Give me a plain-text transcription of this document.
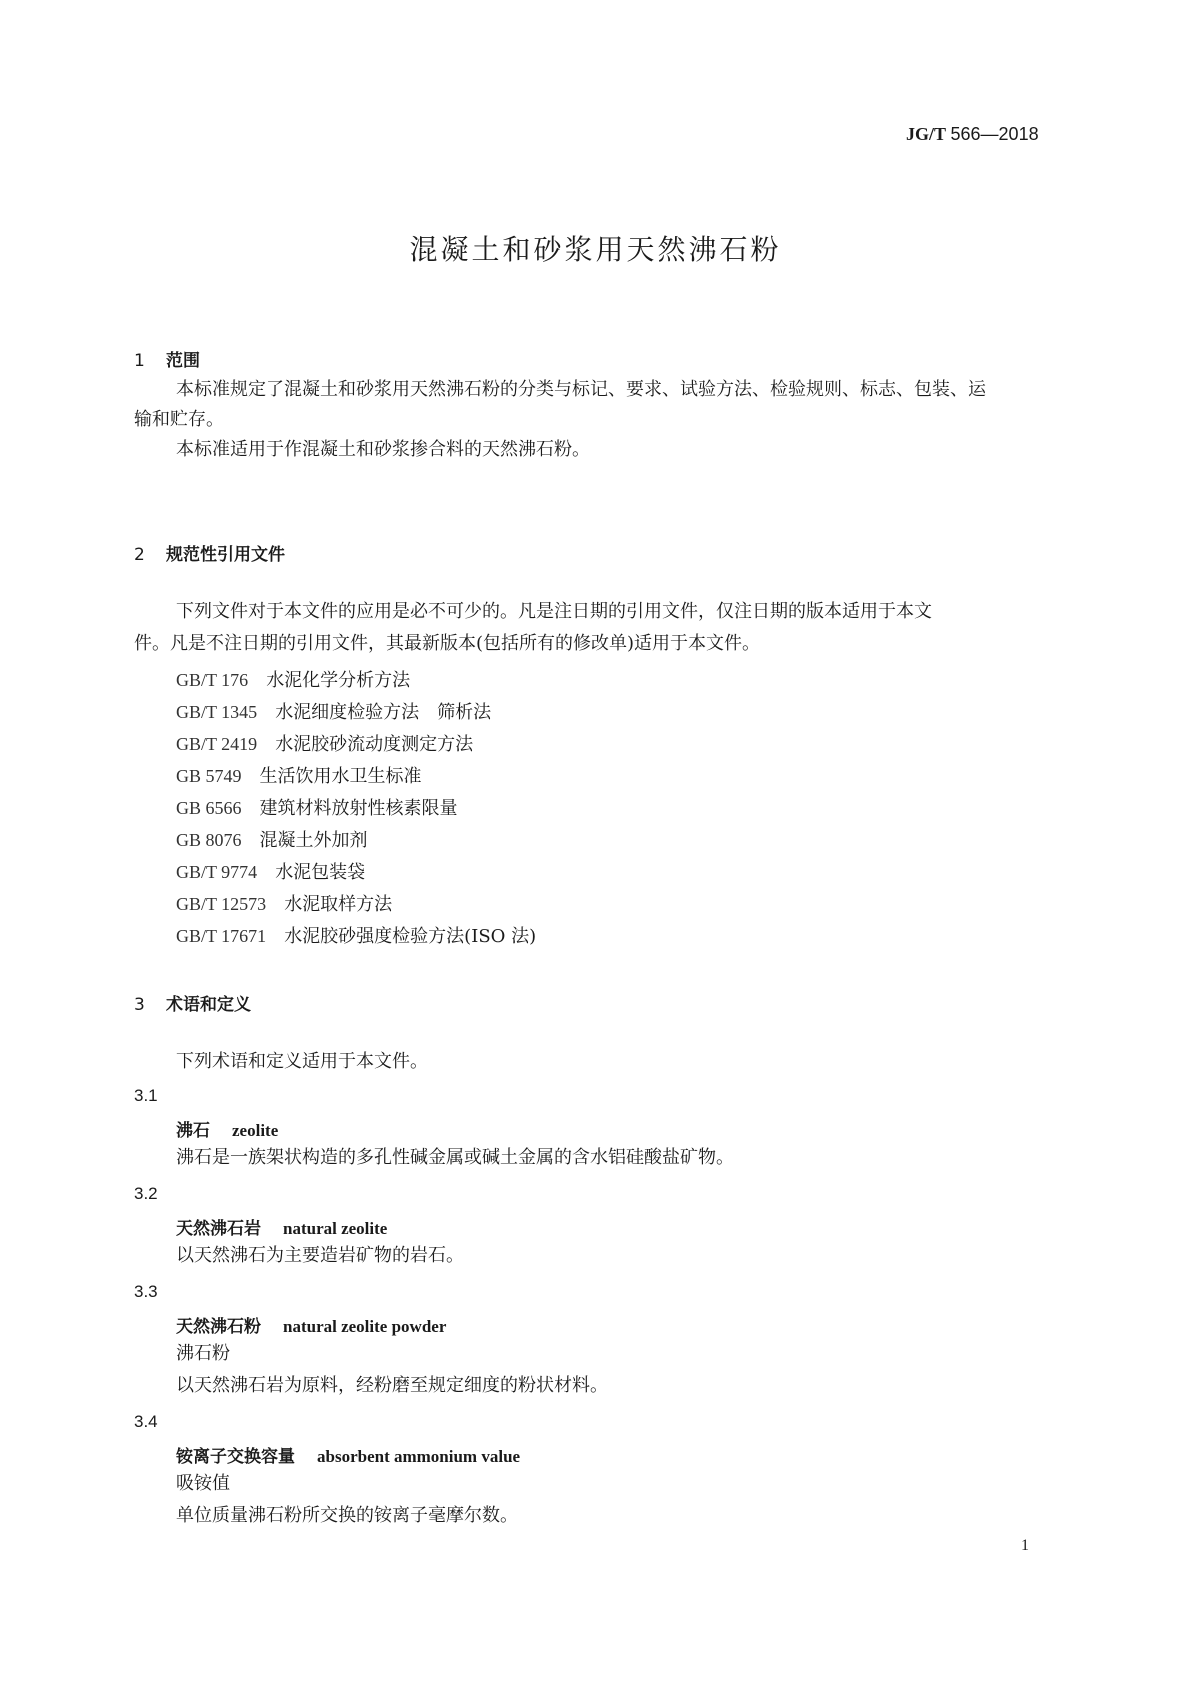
JG/T 566—2018
混凝土和砂浆用天然沸石粉
1 范围
本标准规定了混凝土和砂浆用天然沸石粉的分类与标记、要求、试验方法、检验规则、标志、包装、运
输和贮存。
本标准适用于作混凝土和砂浆掺合料的天然沸石粉。
2 规范性引用文件
下列文件对于本文件的应用是必不可少的。凡是注日期的引用文件，仅注日期的版本适用于本文
件。凡是不注日期的引用文件，其最新版本(包括所有的修改单)适用于本文件。
GB/T 176　 水泥化学分析方法
GB/T 1345　 水泥细度检验方法　筛析法
GB/T 2419　 水泥胶砂流动度测定方法
GB 5749　 生活饮用水卫生标准
GB 6566　 建筑材料放射性核素限量
GB 8076　 混凝土外加剂
GB/T 9774　 水泥包装袋
GB/T 12573　 水泥取样方法
GB/T 17671　 水泥胶砂强度检验方法(ISO 法)
3 术语和定义
下列术语和定义适用于本文件。
3.1
沸石 zeolite
沸石是一族架状构造的多孔性碱金属或碱土金属的含水铝硅酸盐矿物。
3.2
天然沸石岩 natural zeolite
以天然沸石为主要造岩矿物的岩石。
3.3
天然沸石粉 natural zeolite powder
沸石粉
以天然沸石岩为原料，经粉磨至规定细度的粉状材料。
3.4
铵离子交换容量 absorbent ammonium value
吸铵值
单位质量沸石粉所交换的铵离子毫摩尔数。
1
